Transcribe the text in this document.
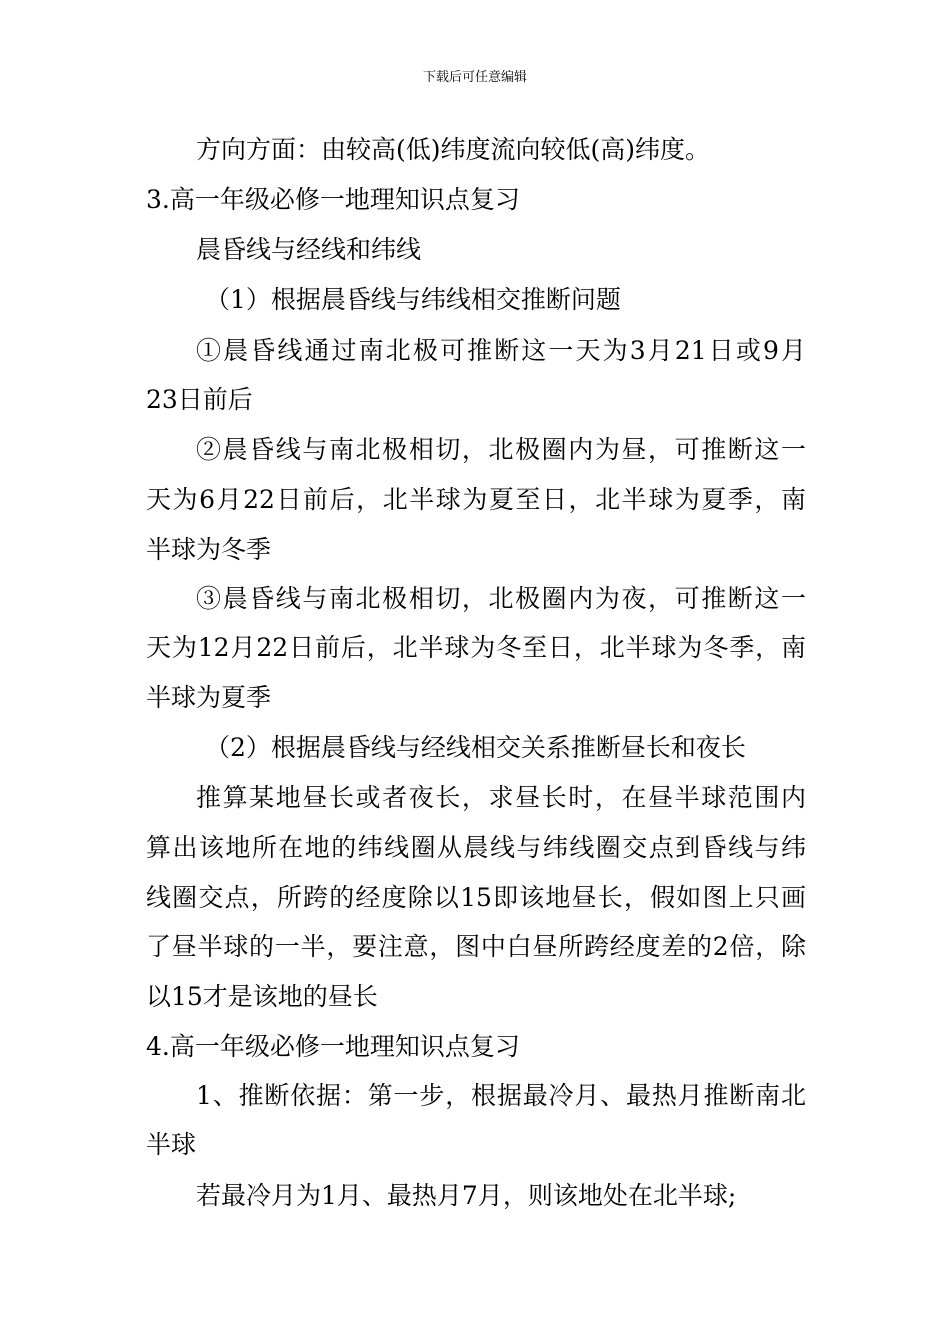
下载后可任意编辑
方向方面：由较高(低)纬度流向较低(高)纬度。
3.高一年级必修一地理知识点复习
晨昏线与经线和纬线
（1）根据晨昏线与纬线相交推断问题
①晨昏线通过南北极可推断这一天为3月21日或9月
23日前后
②晨昏线与南北极相切，北极圈内为昼，可推断这一
天为6月22日前后，北半球为夏至日，北半球为夏季，南
半球为冬季
③晨昏线与南北极相切，北极圈内为夜，可推断这一
天为12月22日前后，北半球为冬至日，北半球为冬季，南
半球为夏季
（2）根据晨昏线与经线相交关系推断昼长和夜长
推算某地昼长或者夜长，求昼长时，在昼半球范围内
算出该地所在地的纬线圈从晨线与纬线圈交点到昏线与纬
线圈交点，所跨的经度除以15即该地昼长，假如图上只画
了昼半球的一半，要注意，图中白昼所跨经度差的2倍，除
以15才是该地的昼长
4.高一年级必修一地理知识点复习
1、推断依据：第一步，根据最冷月、最热月推断南北
半球
若最冷月为1月、最热月7月，则该地处在北半球;
